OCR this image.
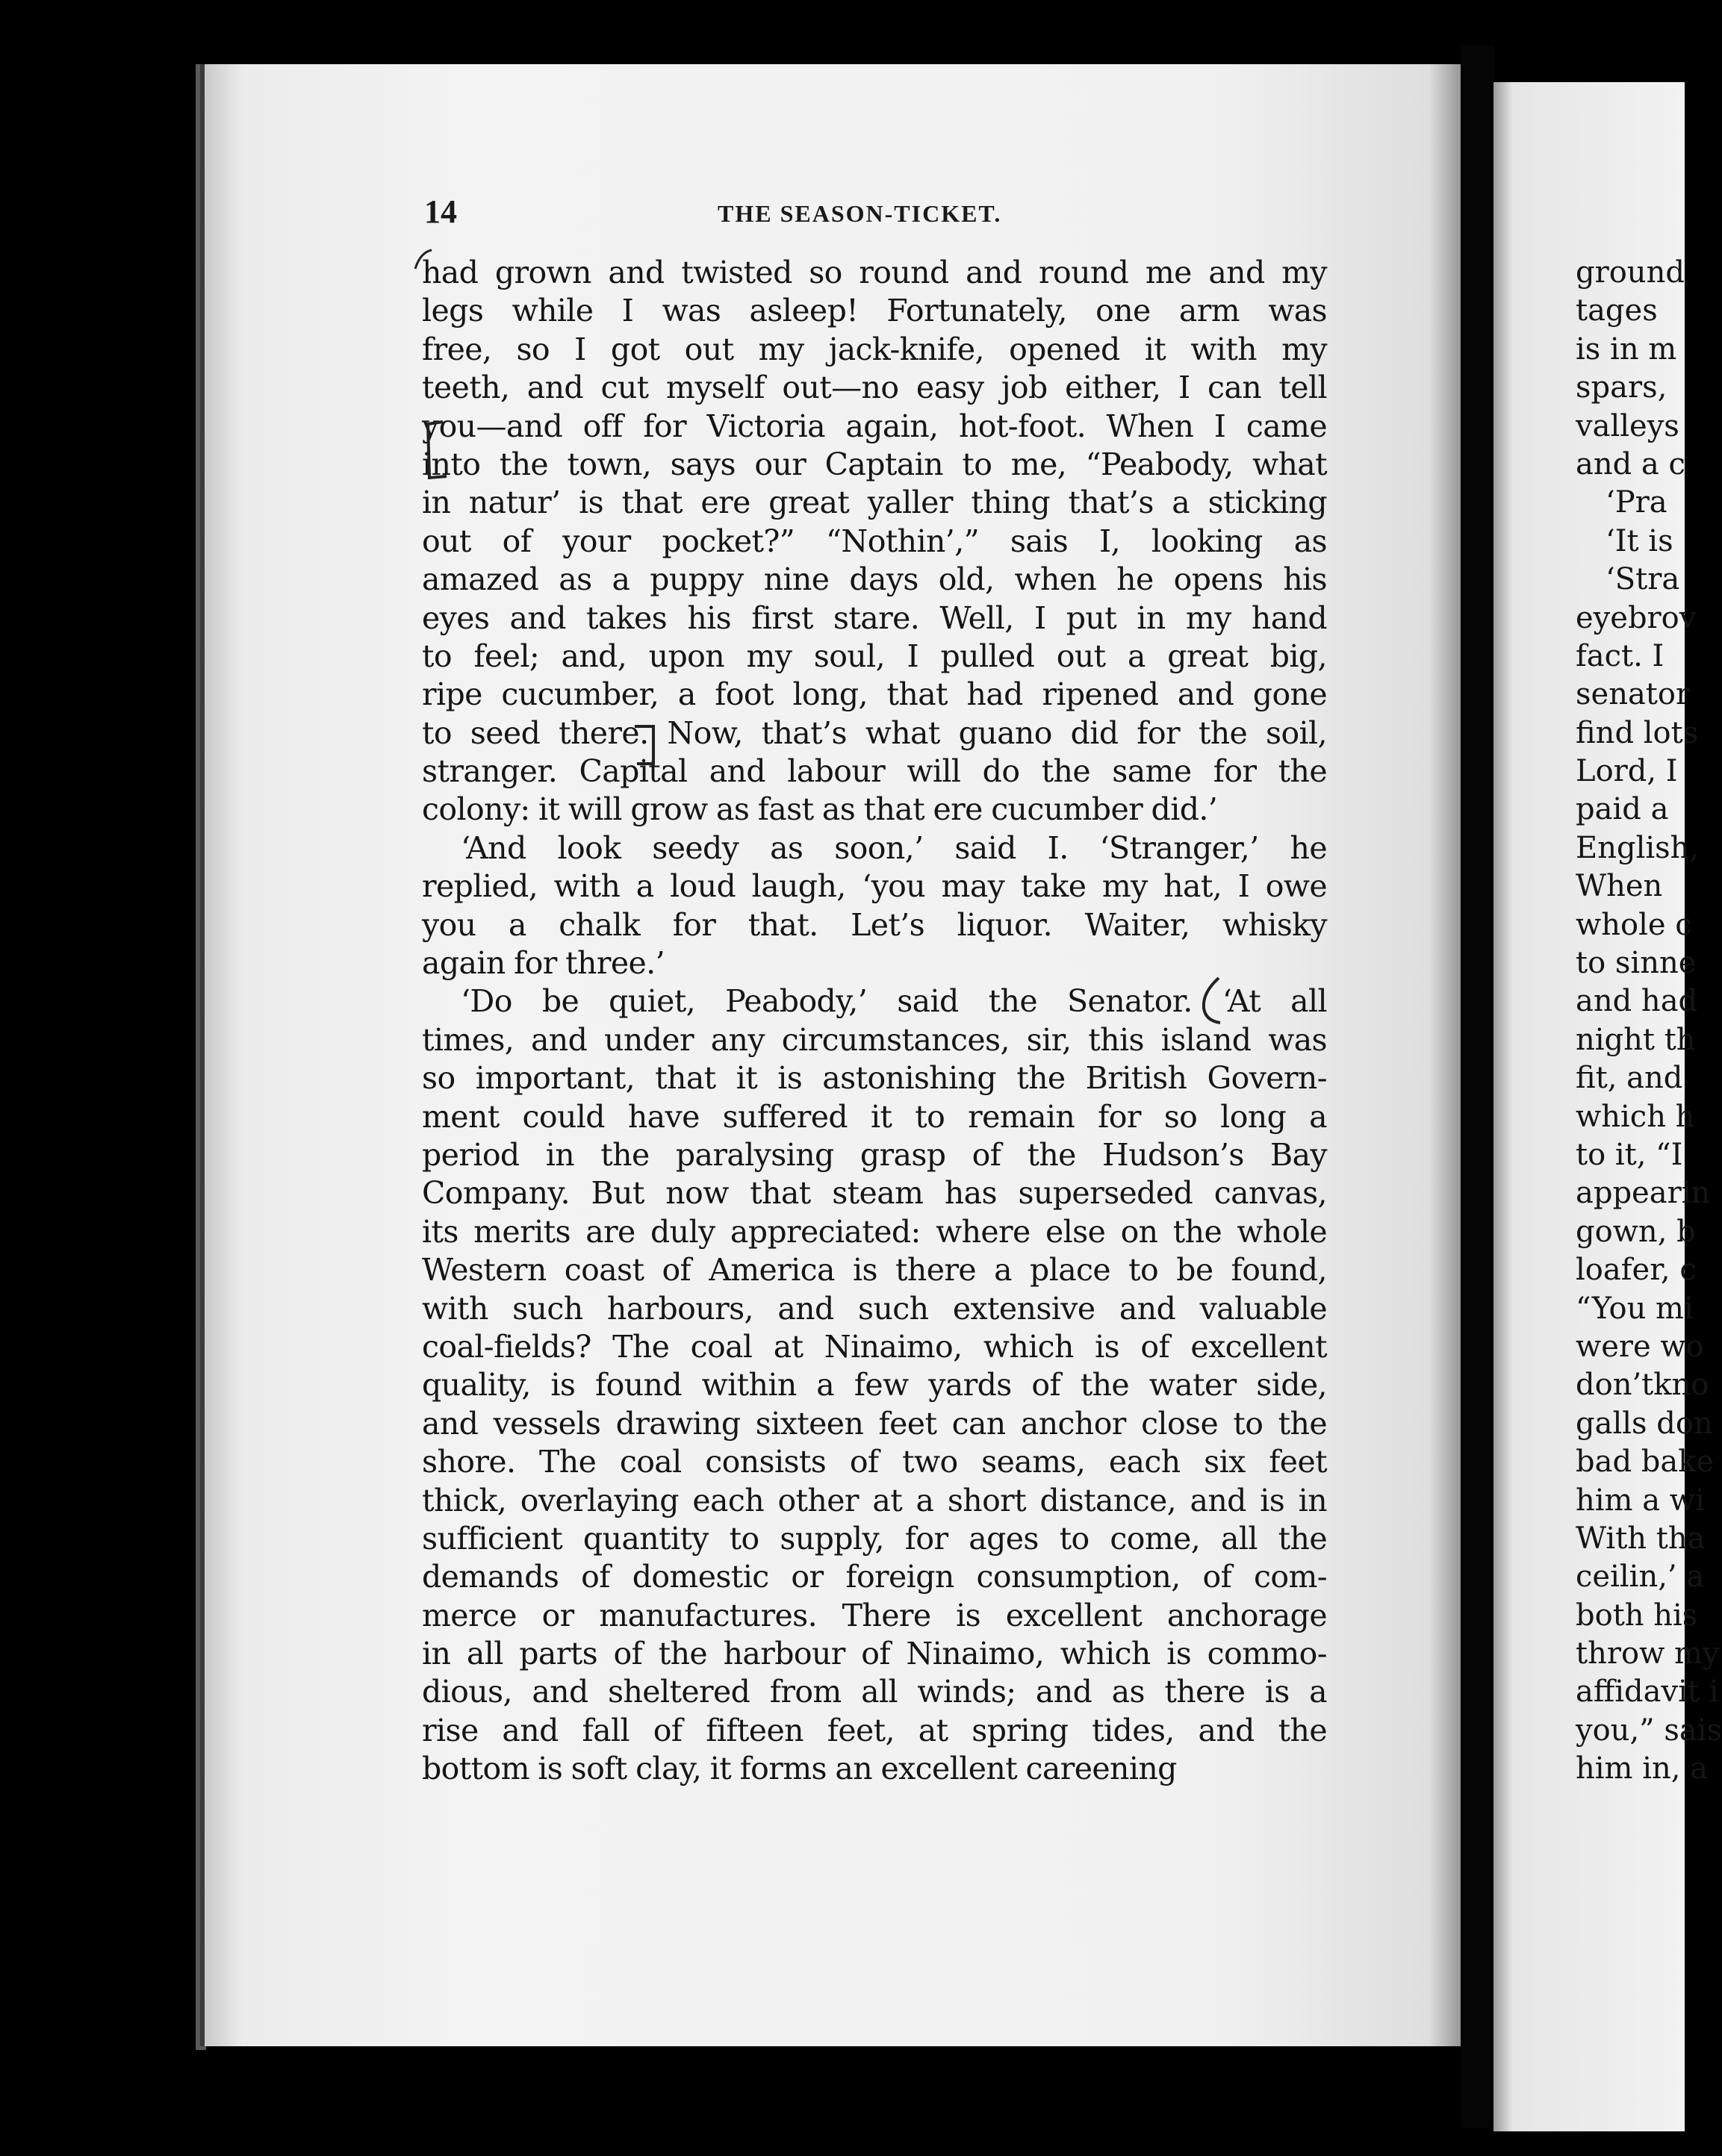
14	THE SEASON-TICKET.
had grown and twisted so round and round me and my
legs while I was asleep! Fortunately, one arm was
free, so I got out my jack-knife, opened it with my
teeth, and cut myself out—no easy job either, I can tell
you—and off for Victoria again, hot-foot. When I came
into the town, says our Captain to me, “Peabody, what
in natur’ is that ere great yaller thing that’s a sticking
out of your pocket?” “Nothin’,” sais I, looking as
amazed as a puppy nine days old, when he opens his
eyes and takes his first stare. Well, I put in my hand
to feel; and, upon my soul, I pulled out a great big,
ripe cucumber, a foot long, that had ripened and gone
to seed there. Now, that’s what guano did for the soil,
stranger. Capital and labour will do the same for the
colony: it will grow as fast as that ere cucumber did.’
‘And look seedy as soon,’ said I. ‘Stranger,’ he
replied, with a loud laugh, ‘you may take my hat, I owe
you a chalk for that. Let’s liquor. Waiter, whisky
again for three.’
‘Do be quiet, Peabody,’ said the Senator. ‘At all
times, and under any circumstances, sir, this island was
so important, that it is astonishing the British Govern-
ment could have suffered it to remain for so long a
period in the paralysing grasp of the Hudson’s Bay
Company. But now that steam has superseded canvas,
its merits are duly appreciated: where else on the whole
Western coast of America is there a place to be found,
with such harbours, and such extensive and valuable
coal-fields? The coal at Ninaimo, which is of excellent
quality, is found within a few yards of the water side,
and vessels drawing sixteen feet can anchor close to the
shore. The coal consists of two seams, each six feet
thick, overlaying each other at a short distance, and is in
sufficient quantity to supply, for ages to come, all the
demands of domestic or foreign consumption, of com-
merce or manufactures. There is excellent anchorage
in all parts of the harbour of Ninaimo, which is commo-
dious, and sheltered from all winds; and as there is a
rise and fall of fifteen feet, at spring tides, and the
bottom is soft clay, it forms an excellent careening
ground
tages
is in m
spars,
valleys
and a c
‘Pra
‘It is
‘Stra
eyebrov
fact. I
senator
find lots
Lord, I
paid a
English,
When
whole c
to sinne
and had
night th
fit, and
which h
to it, “I
appearin
gown, b
loafer, c
“You mi
were wo
don’tkno
galls don
bad bake
him a wi
With tha
ceilin,’ a
both his
throw my
affidavit i
you,” sais
him in, a
